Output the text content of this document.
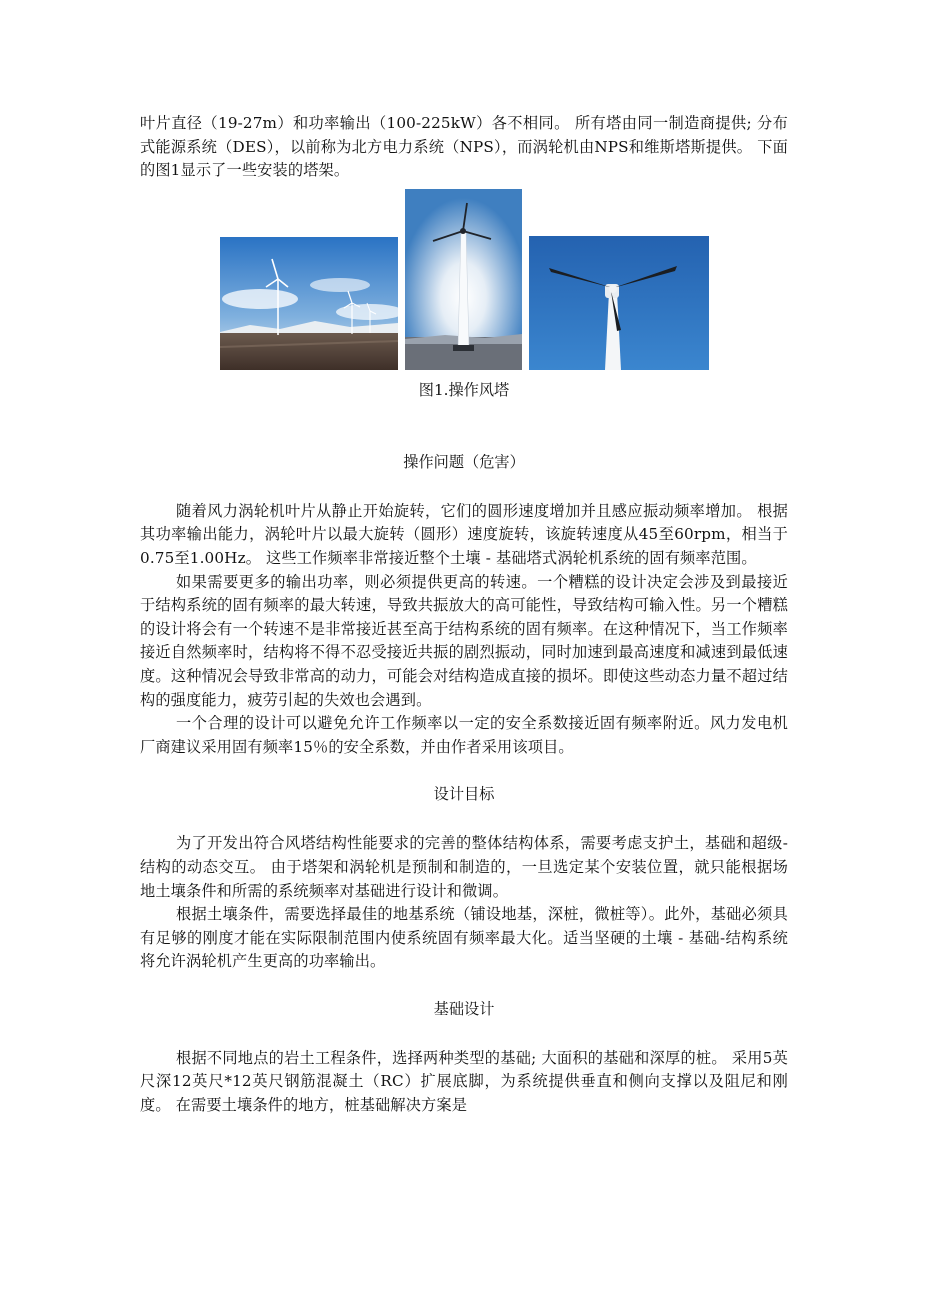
叶片直径（19-27m）和功率输出（100-225kW）各不相同。 所有塔由同一制造商提供; 分布式能源系统（DES），以前称为北方电力系统（NPS），而涡轮机由NPS和维斯塔斯提供。 下面的图1显示了一些安装的塔架。

图1.操作风塔
操作问题（危害）

随着风力涡轮机叶片从静止开始旋转，它们的圆形速度增加并且感应振动频率增加。 根据其功率输出能力，涡轮叶片以最大旋转（圆形）速度旋转，该旋转速度从45至60rpm，相当于0.75至1.00Hz。 这些工作频率非常接近整个土壤 - 基础塔式涡轮机系统的固有频率范围。

如果需要更多的输出功率，则必须提供更高的转速。一个糟糕的设计决定会涉及到最接近于结构系统的固有频率的最大转速，导致共振放大的高可能性，导致结构可输入性。另一个糟糕的设计将会有一个转速不是非常接近甚至高于结构系统的固有频率。在这种情况下，当工作频率接近自然频率时，结构将不得不忍受接近共振的剧烈振动，同时加速到最高速度和减速到最低速度。这种情况会导致非常高的动力，可能会对结构造成直接的损坏。即使这些动态力量不超过结构的强度能力，疲劳引起的失效也会遇到。

一个合理的设计可以避免允许工作频率以一定的安全系数接近固有频率附近。风力发电机厂商建议采用固有频率15％的安全系数，并由作者采用该项目。

设计目标

为了开发出符合风塔结构性能要求的完善的整体结构体系，需要考虑支护土，基础和超级-结构的动态交互。 由于塔架和涡轮机是预制和制造的，一旦选定某个安装位置，就只能根据场地土壤条件和所需的系统频率对基础进行设计和微调。

根据土壤条件，需要选择最佳的地基系统（铺设地基，深桩，微桩等）。此外，基础必须具有足够的刚度才能在实际限制范围内使系统固有频率最大化。适当坚硬的土壤 - 基础-结构系统将允许涡轮机产生更高的功率输出。

基础设计

根据不同地点的岩土工程条件，选择两种类型的基础; 大面积的基础和深厚的桩。 采用5英尺深12英尺*12英尺钢筋混凝土（RC）扩展底脚，为系统提供垂直和侧向支撑以及阻尼和刚度。 在需要土壤条件的地方，桩基础解决方案是
